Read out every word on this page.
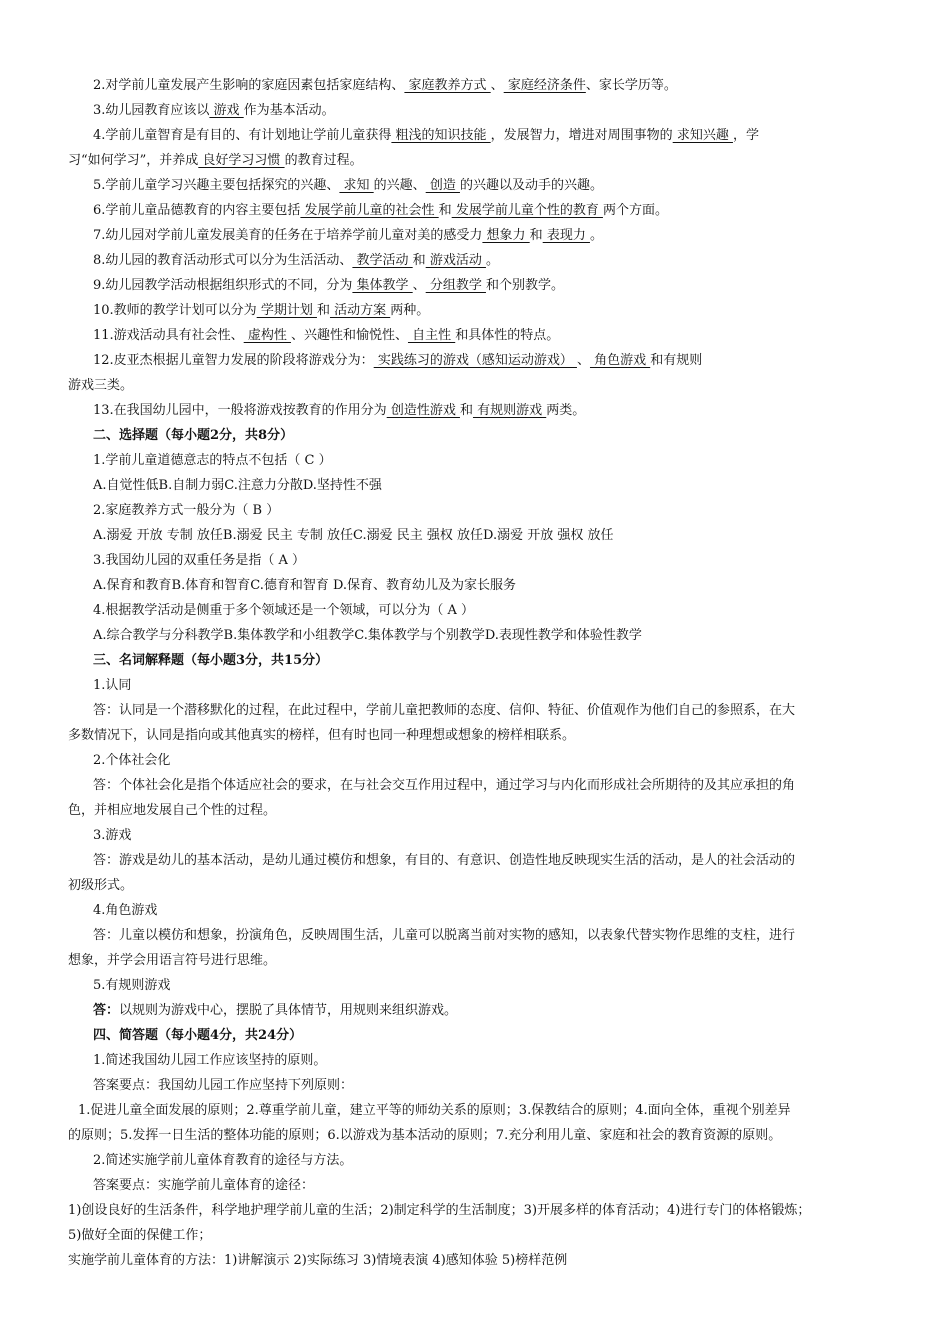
2.对学前儿童发展产生影响的家庭因素包括家庭结构、 家庭教养方式 、 家庭经济条件、家长学历等。
3.幼儿园教育应该以 游戏 作为基本活动。
4.学前儿童智育是有目的、有计划地让学前儿童获得 粗浅的知识技能 ，发展智力，增进对周围事物的 求知兴趣 ，学
习“如何学习”，并养成 良好学习习惯 的教育过程。
5.学前儿童学习兴趣主要包括探究的兴趣、 求知 的兴趣、 创造 的兴趣以及动手的兴趣。
6.学前儿童品德教育的内容主要包括 发展学前儿童的社会性 和 发展学前儿童个性的教育 两个方面。
7.幼儿园对学前儿童发展美育的任务在于培养学前儿童对美的感受力 想象力 和 表现力 。
8.幼儿园的教育活动形式可以分为生活活动、 教学活动 和 游戏活动 。
9.幼儿园教学活动根据组织形式的不同，分为 集体教学 、 分组教学 和个别教学。
10.教师的教学计划可以分为 学期计划 和 活动方案 两种。
11.游戏活动具有社会性、 虚构性 、兴趣性和愉悦性、 自主性 和具体性的特点。
12.皮亚杰根据儿童智力发展的阶段将游戏分为： 实践练习的游戏（感知运动游戏） 、 角色游戏 和有规则
游戏三类。
13.在我国幼儿园中，一般将游戏按教育的作用分为 创造性游戏 和 有规则游戏 两类。
二、选择题（每小题2分，共8分）
1.学前儿童道德意志的特点不包括（ C ）
A.自觉性低B.自制力弱C.注意力分散D.坚持性不强
2.家庭教养方式一般分为（ B ）
A.溺爱 开放 专制 放任B.溺爱 民主 专制 放任C.溺爱 民主 强权 放任D.溺爱 开放 强权 放任
3.我国幼儿园的双重任务是指（ A ）
A.保育和教育B.体育和智育C.德育和智育 D.保育、教育幼儿及为家长服务
4.根据教学活动是侧重于多个领域还是一个领域，可以分为（ A ）
A.综合教学与分科教学B.集体教学和小组教学C.集体教学与个别教学D.表现性教学和体验性教学
三、名词解释题（每小题3分，共15分）
1.认同
答：认同是一个潜移默化的过程，在此过程中，学前儿童把教师的态度、信仰、特征、价值观作为他们自己的参照系，在大
多数情况下，认同是指向或其他真实的榜样，但有时也同一种理想或想象的榜样相联系。
2.个体社会化
答：个体社会化是指个体适应社会的要求，在与社会交互作用过程中，通过学习与内化而形成社会所期待的及其应承担的角
色，并相应地发展自己个性的过程。
3.游戏
答：游戏是幼儿的基本活动，是幼儿通过模仿和想象，有目的、有意识、创造性地反映现实生活的活动，是人的社会活动的
初级形式。
4.角色游戏
答：儿童以模仿和想象，扮演角色，反映周围生活，儿童可以脱离当前对实物的感知，以表象代替实物作思维的支柱，进行
想象，并学会用语言符号进行思维。
5.有规则游戏
答：以规则为游戏中心，摆脱了具体情节，用规则来组织游戏。
四、简答题（每小题4分，共24分）
1.简述我国幼儿园工作应该坚持的原则。
答案要点：我国幼儿园工作应坚持下列原则：
1.促进儿童全面发展的原则；2.尊重学前儿童，建立平等的师幼关系的原则；3.保教结合的原则；4.面向全体，重视个别差异
的原则；5.发挥一日生活的整体功能的原则；6.以游戏为基本活动的原则；7.充分利用儿童、家庭和社会的教育资源的原则。
2.简述实施学前儿童体育教育的途径与方法。
答案要点：实施学前儿童体育的途径：
1)创设良好的生活条件，科学地护理学前儿童的生活；2)制定科学的生活制度；3)开展多样的体育活动；4)进行专门的体格锻炼；
5)做好全面的保健工作；
实施学前儿童体育的方法：1)讲解演示 2)实际练习 3)情境表演 4)感知体验 5)榜样范例
